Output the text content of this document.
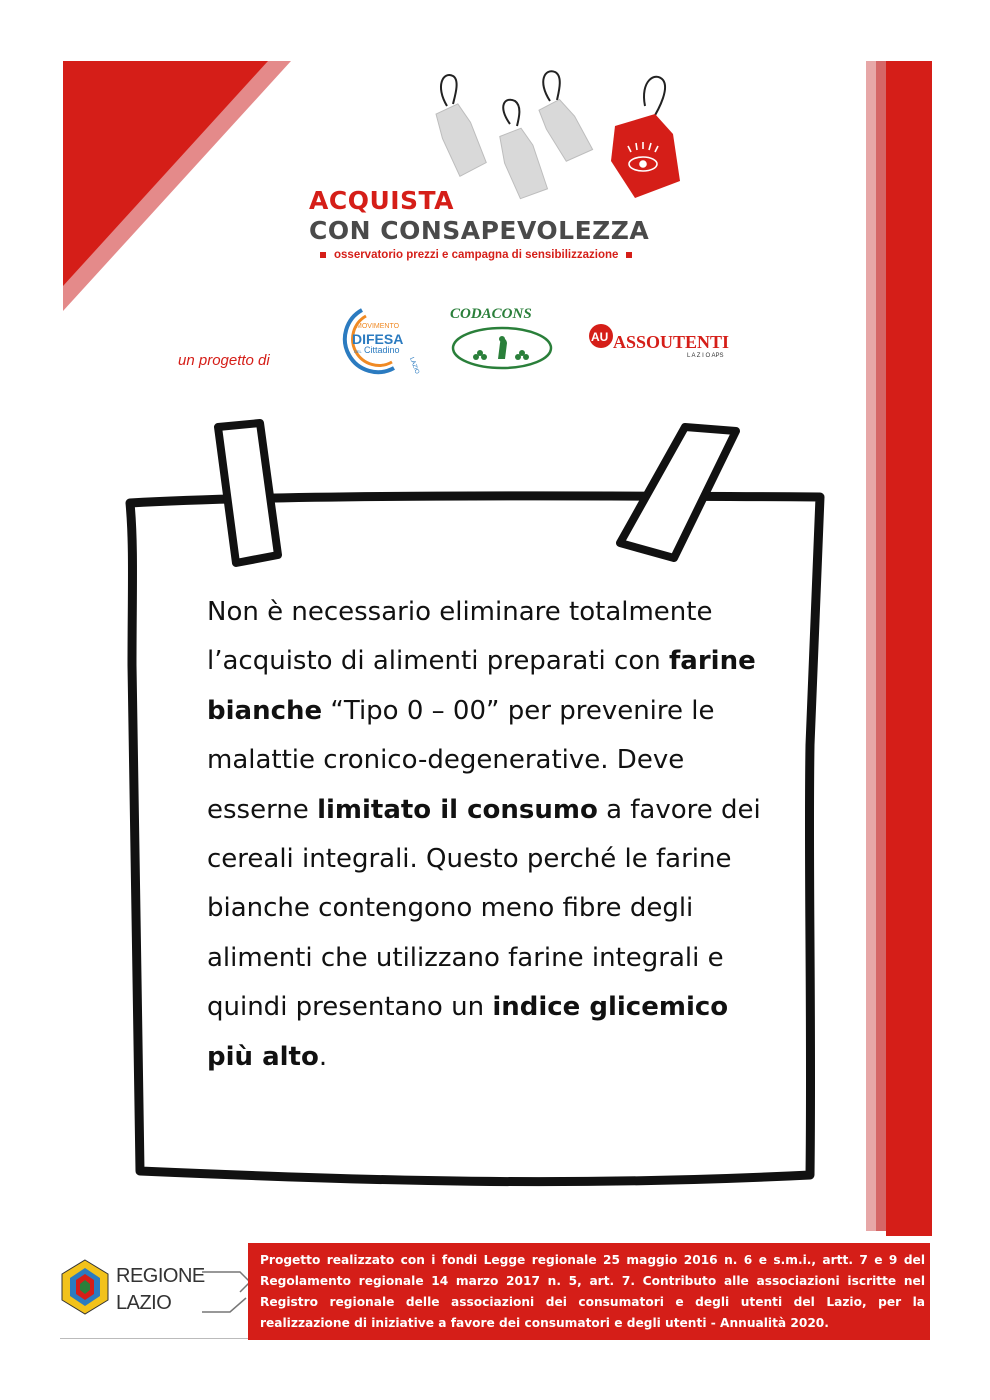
ACQUISTA
CON CONSAPEVOLEZZA
osservatorio prezzi e campagna di sensibilizzazione
un progetto di
MOVIMENTO
DIFESA
DEL Cittadino
LAZIO
CODACONS
AU ASSOUTENTI
L A Z I O APS
Non è necessario eliminare totalmente l’acquisto di alimenti preparati con farine bianche “Tipo 0 – 00” per prevenire le malattie cronico-degenerative. Deve esserne limitato il consumo a favore dei cereali integrali. Questo perché le farine bianche contengono meno fibre degli alimenti che utilizzano farine integrali e quindi presentano un indice glicemico più alto.
REGIONE
LAZIO
Progetto realizzato con i fondi Legge regionale 25 maggio 2016 n. 6 e s.m.i., artt. 7 e 9 del Regolamento regionale 14 marzo 2017 n. 5, art. 7. Contributo alle associazioni iscritte nel Registro regionale delle associazioni dei consumatori e degli utenti del Lazio, per la realizzazione di iniziative a favore dei consumatori e degli utenti - Annualità 2020.
